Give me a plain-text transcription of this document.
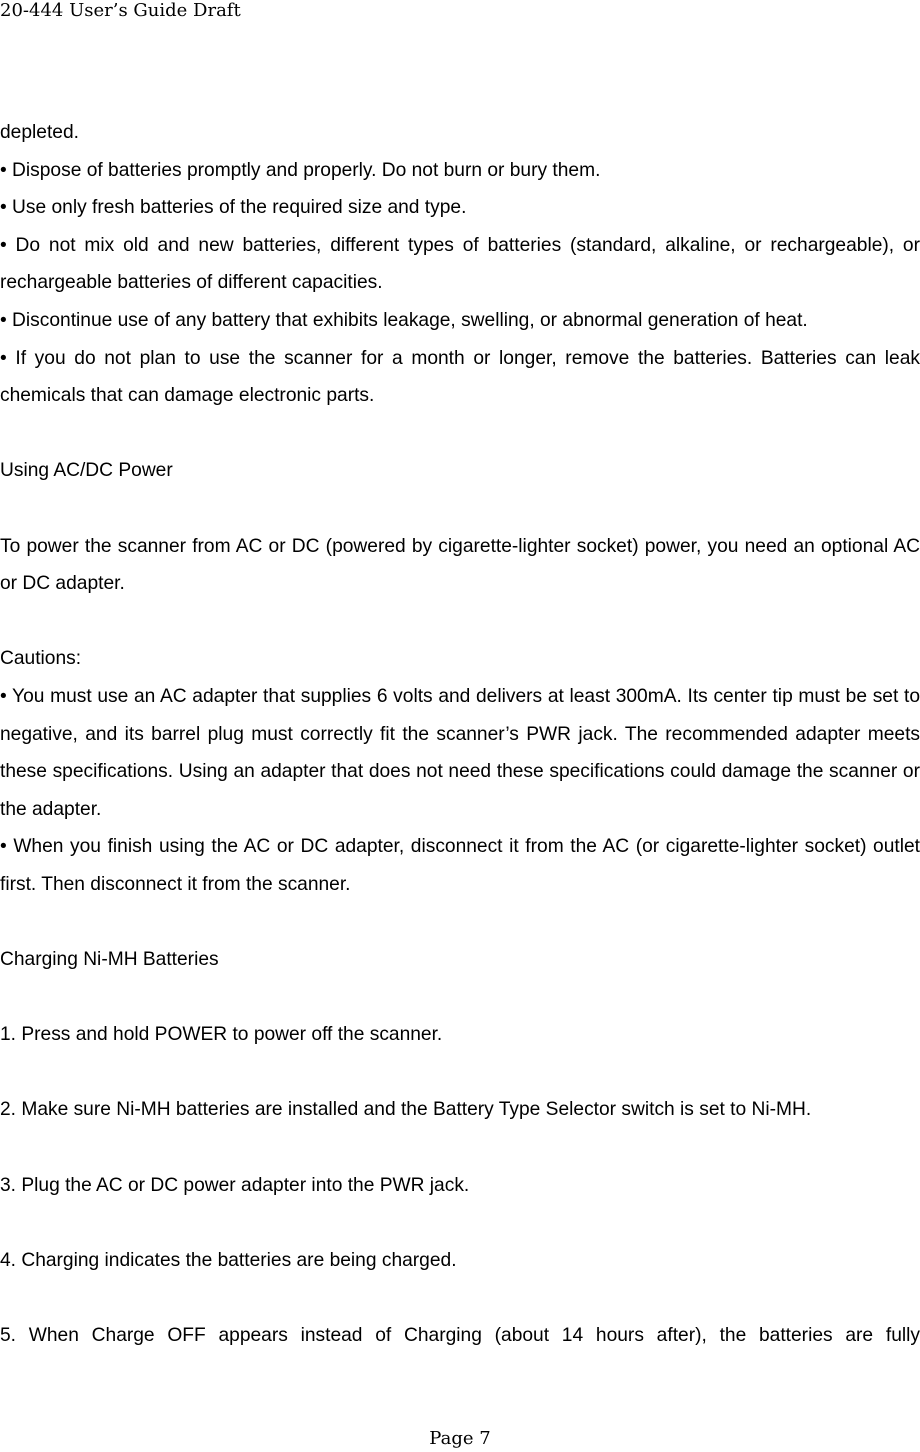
20-444 User’s Guide Draft

depleted.

• Dispose of batteries promptly and properly. Do not burn or bury them.

• Use only fresh batteries of the required size and type.

• Do not mix old and new batteries, different types of batteries (standard, alkaline, or rechargeable), or rechargeable batteries of different capacities.

• Discontinue use of any battery that exhibits leakage, swelling, or abnormal generation of heat.

• If you do not plan to use the scanner for a month or longer, remove the batteries. Batteries can leak chemicals that can damage electronic parts.

Using AC/DC Power

To power the scanner from AC or DC (powered by cigarette-lighter socket) power, you need an optional AC or DC adapter.

Cautions:

• You must use an AC adapter that supplies 6 volts and delivers at least 300mA. Its center tip must be set to negative, and its barrel plug must correctly fit the scanner’s PWR jack. The recommended adapter meets these specifications. Using an adapter that does not need these specifications could damage the scanner or the adapter.

• When you finish using the AC or DC adapter, disconnect it from the AC (or cigarette-lighter socket) outlet first. Then disconnect it from the scanner.

Charging Ni-MH Batteries

1. Press and hold POWER to power off the scanner.

2. Make sure Ni-MH batteries are installed and the Battery Type Selector switch is set to Ni-MH.

3. Plug the AC or DC power adapter into the PWR jack.

4. Charging indicates the batteries are being charged.

5. When Charge OFF appears instead of Charging (about 14 hours after), the batteries are fully

Page 7
